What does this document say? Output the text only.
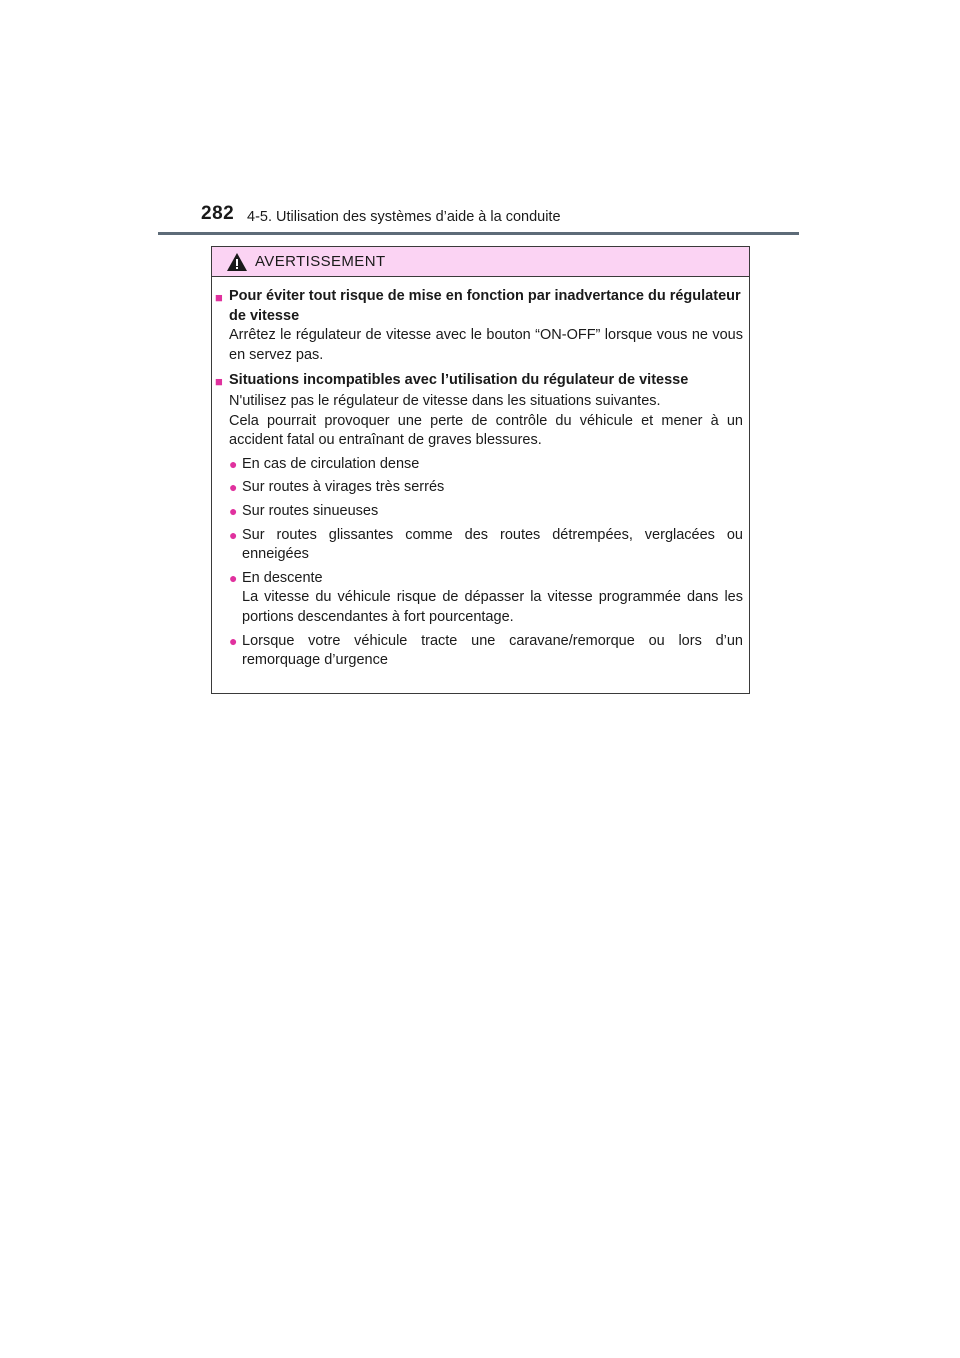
282 4-5. Utilisation des systèmes d’aide à la conduite
AVERTISSEMENT
■ Pour éviter tout risque de mise en fonction par inadvertance du régulateur de vitesse
Arrêtez le régulateur de vitesse avec le bouton “ON-OFF” lorsque vous ne vous en servez pas.
■ Situations incompatibles avec l’utilisation du régulateur de vitesse
N'utilisez pas le régulateur de vitesse dans les situations suivantes.
Cela pourrait provoquer une perte de contrôle du véhicule et mener à un accident fatal ou entraînant de graves blessures.
● En cas de circulation dense
● Sur routes à virages très serrés
● Sur routes sinueuses
● Sur routes glissantes comme des routes détrempées, verglacées ou enneigées
● En descente
La vitesse du véhicule risque de dépasser la vitesse programmée dans les portions descendantes à fort pourcentage.
● Lorsque votre véhicule tracte une caravane/remorque ou lors d’un remorquage d’urgence
